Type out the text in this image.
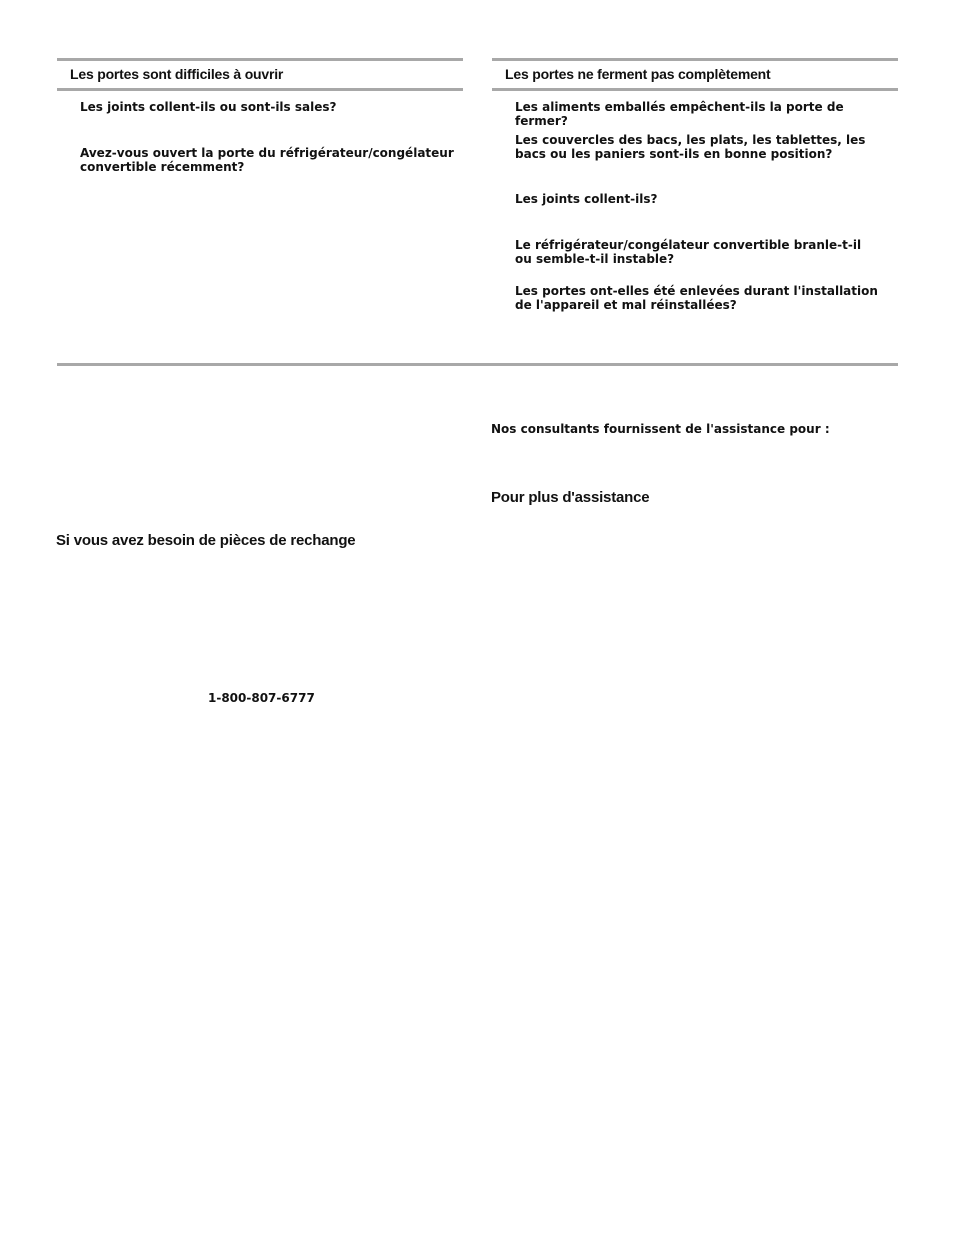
Les portes sont difficiles à ouvrir
Les joints collent-ils ou sont-ils sales?
Avez-vous ouvert la porte du réfrigérateur/congélateur convertible récemment?
Les portes ne ferment pas complètement
Les aliments emballés empêchent-ils la porte de fermer?
Les couvercles des bacs, les plats, les tablettes, les bacs ou les paniers sont-ils en bonne position?
Les joints collent-ils?
Le réfrigérateur/congélateur convertible branle-t-il ou semble-t-il instable?
Les portes ont-elles été enlevées durant l'installation de l'appareil et mal réinstallées?
Nos consultants fournissent de l'assistance pour :
Pour plus d'assistance
Si vous avez besoin de pièces de rechange
1-800-807-6777
